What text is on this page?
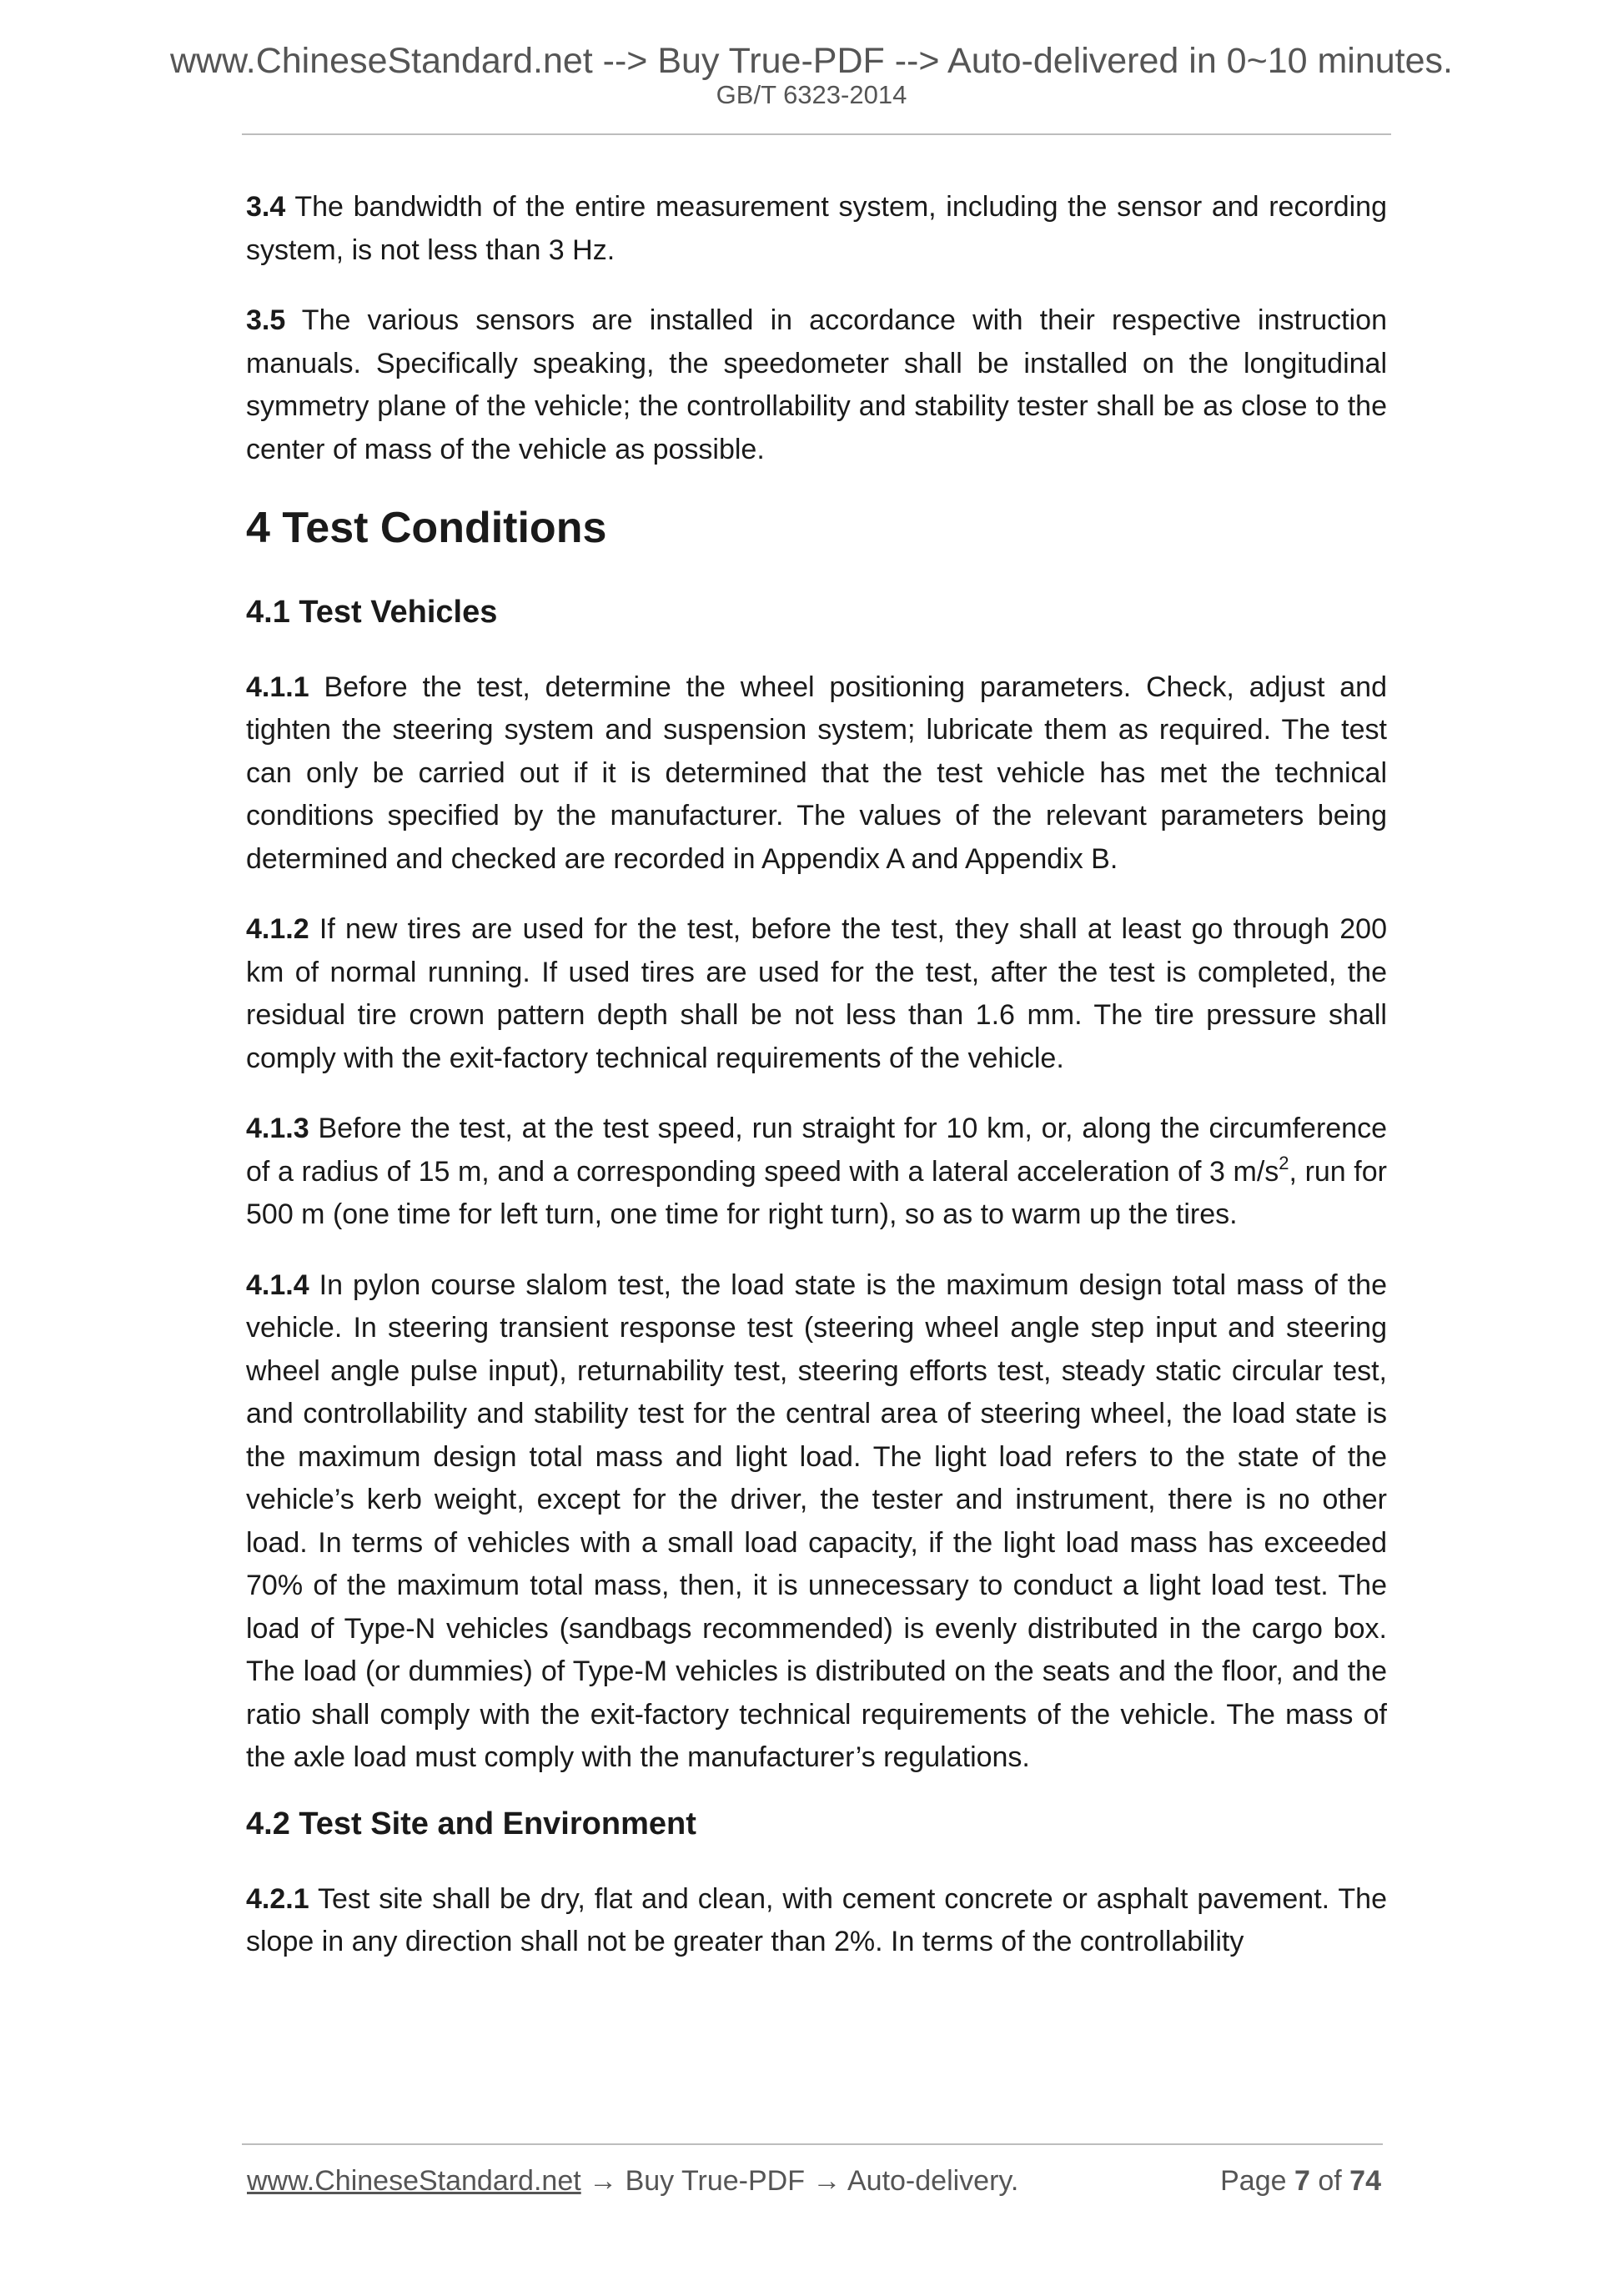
www.ChineseStandard.net --> Buy True-PDF --> Auto-delivered in 0~10 minutes.
GB/T 6323-2014

3.4 The bandwidth of the entire measurement system, including the sensor and recording system, is not less than 3 Hz.

3.5 The various sensors are installed in accordance with their respective instruction manuals. Specifically speaking, the speedometer shall be installed on the longitudinal symmetry plane of the vehicle; the controllability and stability tester shall be as close to the center of mass of the vehicle as possible.

4 Test Conditions
4.1 Test Vehicles

4.1.1 Before the test, determine the wheel positioning parameters. Check, adjust and tighten the steering system and suspension system; lubricate them as required. The test can only be carried out if it is determined that the test vehicle has met the technical conditions specified by the manufacturer. The values of the relevant parameters being determined and checked are recorded in Appendix A and Appendix B.

4.1.2 If new tires are used for the test, before the test, they shall at least go through 200 km of normal running. If used tires are used for the test, after the test is completed, the residual tire crown pattern depth shall be not less than 1.6 mm. The tire pressure shall comply with the exit-factory technical requirements of the vehicle.

4.1.3 Before the test, at the test speed, run straight for 10 km, or, along the circumference of a radius of 15 m, and a corresponding speed with a lateral acceleration of 3 $m/s^2$, run for 500 m (one time for left turn, one time for right turn), so as to warm up the tires.

4.1.4 In pylon course slalom test, the load state is the maximum design total mass of the vehicle. In steering transient response test (steering wheel angle step input and steering wheel angle pulse input), returnability test, steering efforts test, steady static circular test, and controllability and stability test for the central area of steering wheel, the load state is the maximum design total mass and light load. The light load refers to the state of the vehicle’s kerb weight, except for the driver, the tester and instrument, there is no other load. In terms of vehicles with a small load capacity, if the light load mass has exceeded 70% of the maximum total mass, then, it is unnecessary to conduct a light load test. The load of Type-N vehicles (sandbags recommended) is evenly distributed in the cargo box. The load (or dummies) of Type-M vehicles is distributed on the seats and the floor, and the ratio shall comply with the exit-factory technical requirements of the vehicle. The mass of the axle load must comply with the manufacturer’s regulations.

4.2 Test Site and Environment

4.2.1 Test site shall be dry, flat and clean, with cement concrete or asphalt pavement. The slope in any direction shall not be greater than 2%. In terms of the controllability

www.ChineseStandard.net → Buy True-PDF → Auto-delivery.	Page 7 of 74
